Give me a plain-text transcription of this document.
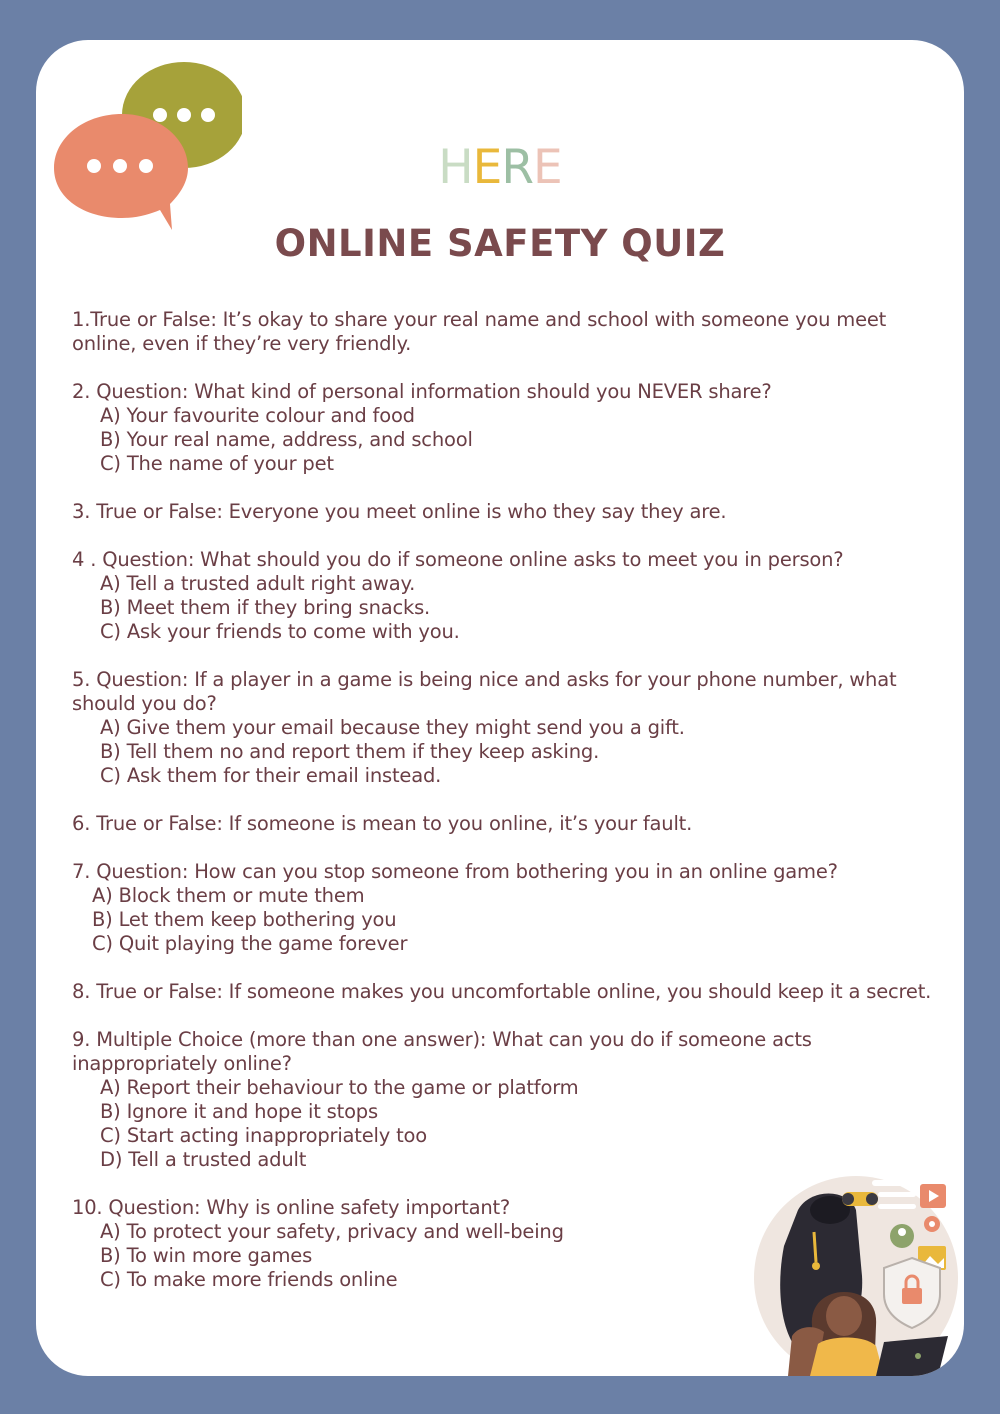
HERE
ONLINE SAFETY QUIZ
1.True or False: It’s okay to share your real name and school with someone you meet online, even if they’re very friendly.
2. Question: What kind of personal information should you NEVER share?
A) Your favourite colour and food
B) Your real name, address, and school
C) The name of your pet
3. True or False: Everyone you meet online is who they say they are.
4 . Question: What should you do if someone online asks to meet you in person?
A) Tell a trusted adult right away.
B) Meet them if they bring snacks.
C) Ask your friends to come with you.
5. Question: If a player in a game is being nice and asks for your phone number, what should you do?
A) Give them your email because they might send you a gift.
B) Tell them no and report them if they keep asking.
C) Ask them for their email instead.
6. True or False: If someone is mean to you online, it’s your fault.
7. Question: How can you stop someone from bothering you in an online game?
A) Block them or mute them
B) Let them keep bothering you
C) Quit playing the game forever
8. True or False: If someone makes you uncomfortable online, you should keep it a secret.
9. Multiple Choice (more than one answer): What can you do if someone acts inappropriately online?
A) Report their behaviour to the game or platform
B) Ignore it and hope it stops
C) Start acting inappropriately too
D) Tell a trusted adult
10. Question: Why is online safety important?
A) To protect your safety, privacy and well-being
B) To win more games
C) To make more friends online
